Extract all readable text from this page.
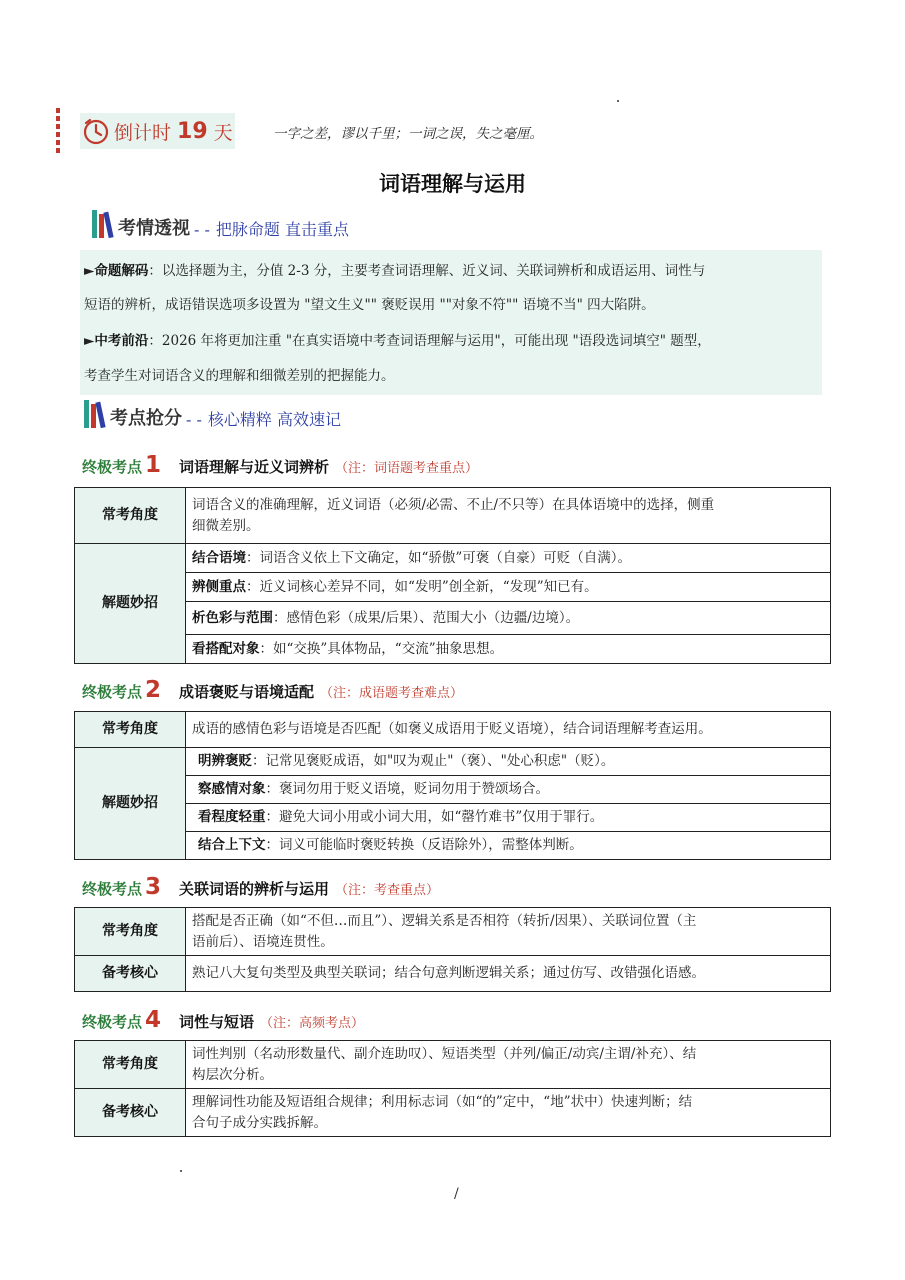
倒计时 19 天	一字之差，谬以千里；一词之误，失之毫厘。
词语理解与运用
考情透视 - - 把脉命题 直击重点
►命题解码：以选择题为主，分值 2-3 分，主要考查词语理解、近义词、关联词辨析和成语运用、词性与
短语的辨析，成语错误选项多设置为 "望文生义"" 褒贬误用 ""对象不符"" 语境不当" 四大陷阱。
►中考前沿：2026 年将更加注重 "在真实语境中考查词语理解与运用"，可能出现 "语段选词填空" 题型，
考查学生对词语含义的理解和细微差别的把握能力。
考点抢分 - - 核心精粹 高效速记
终极考点 1 词语理解与近义词辨析 （注：词语题考查重点）
常考角度	词语含义的准确理解，近义词语（必须/必需、不止/不只等）在具体语境中的选择，侧重
细微差别。

解题妙招	结合语境：词语含义依上下文确定，如“骄傲”可褒（自豪）可贬（自满）。
	辨侧重点：近义词核心差异不同，如“发明”创全新，“发现”知已有。
	析色彩与范围：感情色彩（成果/后果）、范围大小（边疆/边境）。
	看搭配对象：如“交换”具体物品，“交流”抽象思想。
终极考点 2 成语褒贬与语境适配 （注：成语题考查难点）
常考角度	成语的感情色彩与语境是否匹配（如褒义成语用于贬义语境），结合词语理解考查运用。
解题妙招	明辨褒贬：记常见褒贬成语，如"叹为观止"（褒）、"处心积虑"（贬）。
	察感情对象：褒词勿用于贬义语境，贬词勿用于赞颂场合。
	看程度轻重：避免大词小用或小词大用，如“罄竹难书”仅用于罪行。
	结合上下文：词义可能临时褒贬转换（反语除外），需整体判断。
终极考点 3 关联词语的辨析与运用 （注：考查重点）
常考角度	搭配是否正确（如“不但…而且”）、逻辑关系是否相符（转折/因果）、关联词位置（主
语前后）、语境连贯性。

备考核心	熟记八大复句类型及典型关联词；结合句意判断逻辑关系；通过仿写、改错强化语感。
终极考点 4 词性与短语 （注：高频考点）
常考角度	词性判别（名动形数量代、副介连助叹）、短语类型（并列/偏正/动宾/主谓/补充）、结
构层次分析。

备考核心	理解词性功能及短语组合规律；利用标志词（如“的”定中，“地”状中）快速判断；结
合句子成分实践拆解。
/
